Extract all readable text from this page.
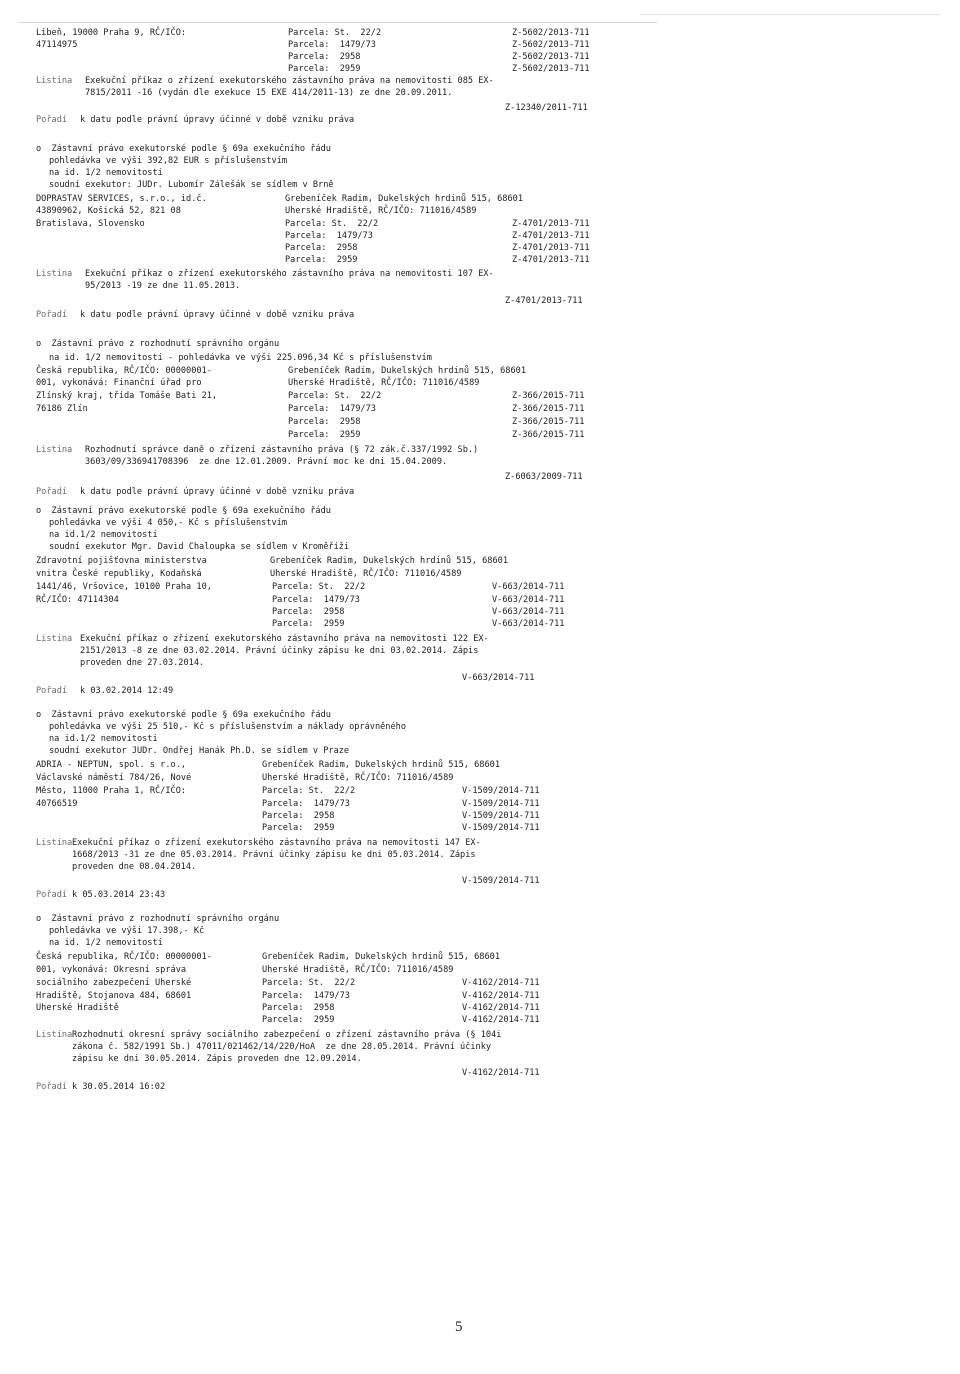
Libeň, 19000 Praha 9, RČ/IČO:	Parcela: St.  22/2	Z-5602/2013-711
47114975	Parcela:  1479/73	Z-5602/2013-711
Parcela:  2958	Z-5602/2013-711
Parcela:  2959	Z-5602/2013-711
Listina Exekuční příkaz o zřízení exekutorského zástavního práva na nemovitosti 085 EX-
7815/2011 -16 (vydán dle exekuce 15 EXE 414/2011-13) ze dne 20.09.2011.
Z-12340/2011-711
Pořadí k datu podle právní úpravy účinné v době vzniku práva
o  Zástavní právo exekutorské podle § 69a exekučního řádu
pohledávka ve výši 392,82 EUR s příslušenstvím
na id. 1/2 nemovitosti
soudní exekutor: JUDr. Lubomír Zálešák se sídlem v Brně
DOPRASTAV SERVICES, s.r.o., id.č.	Grebeníček Radim, Dukelských hrdinů 515, 68601
43890962, Košická 52, 821 08	Uherské Hradiště, RČ/IČO: 711016/4589
Bratislava, Slovensko	Parcela: St.  22/2	Z-4701/2013-711
Parcela:  1479/73	Z-4701/2013-711
Parcela:  2958	Z-4701/2013-711
Parcela:  2959	Z-4701/2013-711
Listina Exekuční příkaz o zřízení exekutorského zástavního práva na nemovitosti 107 EX-
95/2013 -19 ze dne 11.05.2013.
Z-4701/2013-711
Pořadí k datu podle právní úpravy účinné v době vzniku práva
o  Zástavní právo z rozhodnutí správního orgánu
na id. 1/2 nemovitosti - pohledávka ve výši 225.096,34 Kč s příslušenstvím
Česká republika, RČ/IČO: 00000001-	Grebeníček Radim, Dukelských hrdinů 515, 68601
001, vykonává: Finanční úřad pro	Uherské Hradiště, RČ/IČO: 711016/4589
Zlínský kraj, třída Tomáše Bati 21,	Parcela: St.  22/2	Z-366/2015-711
76186 Zlín	Parcela:  1479/73	Z-366/2015-711
Parcela:  2958	Z-366/2015-711
Parcela:  2959	Z-366/2015-711
Listina Rozhodnutí správce daně o zřízení zástavního práva (§ 72 zák.č.337/1992 Sb.)
3603/09/336941708396  ze dne 12.01.2009. Právní moc ke dni 15.04.2009.
Z-6063/2009-711
Pořadí k datu podle právní úpravy účinné v době vzniku práva
o  Zástavní právo exekutorské podle § 69a exekučního řádu
pohledávka ve výši 4 050,- Kč s příslušenstvím
na id.1/2 nemovitosti
soudní exekutor Mgr. David Chaloupka se sídlem v Kroměříži
Zdravotní pojišťovna ministerstva	Grebeníček Radim, Dukelských hrdinů 515, 68601
vnitra České republiky, Kodaňská	Uherské Hradiště, RČ/IČO: 711016/4589
1441/46, Vršovice, 10100 Praha 10,	Parcela: St.  22/2	V-663/2014-711
RČ/IČO: 47114304	Parcela:  1479/73	V-663/2014-711
Parcela:  2958	V-663/2014-711
Parcela:  2959	V-663/2014-711
Listina Exekuční příkaz o zřízení exekutorského zástavního práva na nemovitosti 122 EX-
2151/2013 -8 ze dne 03.02.2014. Právní účinky zápisu ke dni 03.02.2014. Zápis
proveden dne 27.03.2014.
V-663/2014-711
Pořadí k 03.02.2014 12:49
o  Zástavní právo exekutorské podle § 69a exekučního řádu
pohledávka ve výši 25 510,- Kč s příslušenstvím a náklady oprávněného
na id.1/2 nemovitosti
soudní exekutor JUDr. Ondřej Hanák Ph.D. se sídlem v Praze
ADRIA - NEPTUN, spol. s r.o.,	Grebeníček Radim, Dukelských hrdinů 515, 68601
Václavské náměstí 784/26, Nové	Uherské Hradiště, RČ/IČO: 711016/4589
Město, 11000 Praha 1, RČ/IČO:	Parcela: St.  22/2	V-1509/2014-711
40766519	Parcela:  1479/73	V-1509/2014-711
Parcela:  2958	V-1509/2014-711
Parcela:  2959	V-1509/2014-711
Listina Exekuční příkaz o zřízení exekutorského zástavního práva na nemovitosti 147 EX-
1668/2013 -31 ze dne 05.03.2014. Právní účinky zápisu ke dni 05.03.2014. Zápis
proveden dne 08.04.2014.
V-1509/2014-711
Pořadí k 05.03.2014 23:43
o  Zástavní právo z rozhodnutí správního orgánu
pohledávka ve výši 17.398,- Kč
na id. 1/2 nemovitosti
Česká republika, RČ/IČO: 00000001-	Grebeníček Radim, Dukelských hrdinů 515, 68601
001, vykonává: Okresní správa	Uherské Hradiště, RČ/IČO: 711016/4589
sociálního zabezpečení Uherské	Parcela: St.  22/2	V-4162/2014-711
Hradiště, Stojanova 484, 68601	Parcela:  1479/73	V-4162/2014-711
Uherské Hradiště	Parcela:  2958	V-4162/2014-711
Parcela:  2959	V-4162/2014-711
Listina Rozhodnutí okresní správy sociálního zabezpečení o zřízení zástavního práva (§ 104i
zákona č. 582/1991 Sb.) 47011/021462/14/220/HoA  ze dne 28.05.2014. Právní účinky
zápisu ke dni 30.05.2014. Zápis proveden dne 12.09.2014.
V-4162/2014-711
Pořadí k 30.05.2014 16:02
5
